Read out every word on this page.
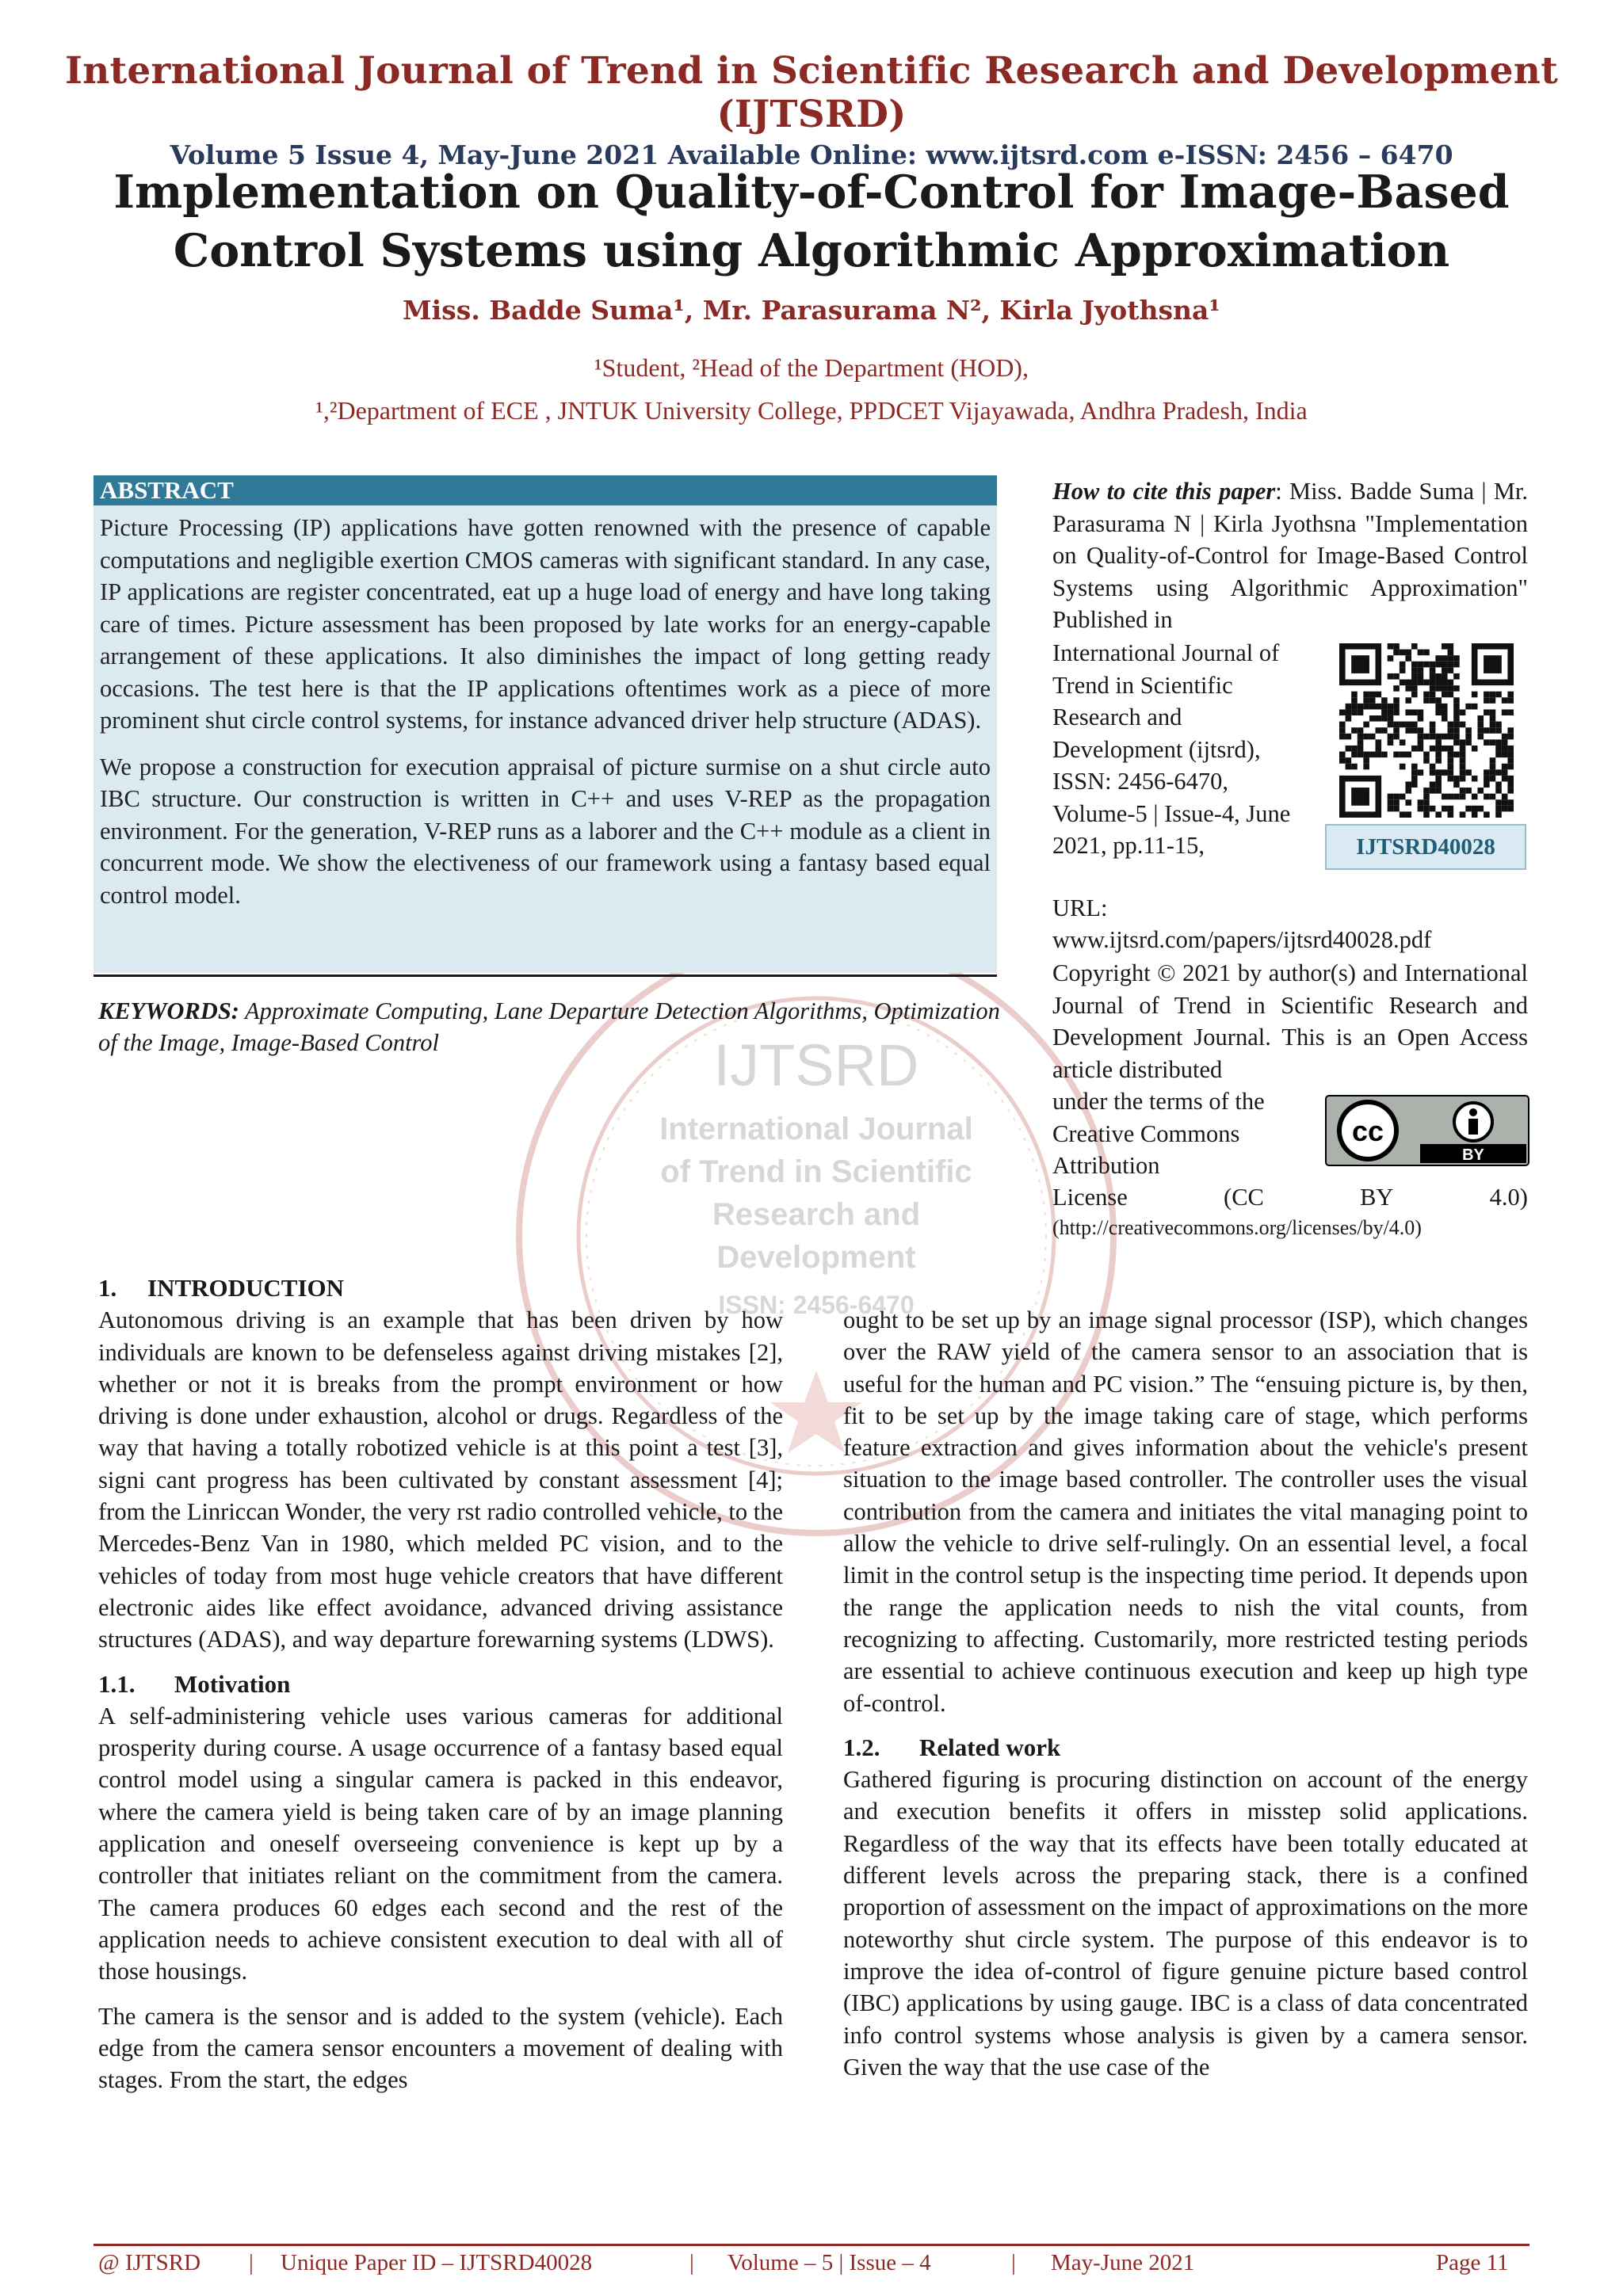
International Journal of Trend in Scientific Research and Development (IJTSRD)
Volume 5 Issue 4, May-June 2021 Available Online: www.ijtsrd.com e-ISSN: 2456 – 6470
Implementation on Quality-of-Control for Image-Based
Control Systems using Algorithmic Approximation
Miss. Badde Suma¹, Mr. Parasurama N², Kirla Jyothsna¹
¹Student, ²Head of the Department (HOD),
¹,²Department of ECE , JNTUK University College, PPDCET Vijayawada, Andhra Pradesh, India
IJTSRD
International Journal
of Trend in Scientific
Research and
Development
ISSN: 2456-6470
ABSTRACT

Picture Processing (IP) applications have gotten renowned with the presence of capable computations and negligible exertion CMOS cameras with significant standard. In any case, IP applications are register concentrated, eat up a huge load of energy and have long taking care of times. Picture assessment has been proposed by late works for an energy-capable arrangement of these applications. It also diminishes the impact of long getting ready occasions. The test here is that the IP applications oftentimes work as a piece of more prominent shut circle control systems, for instance advanced driver help structure (ADAS).

We propose a construction for execution appraisal of picture surmise on a shut circle auto IBC structure. Our construction is written in C++ and uses V-REP as the propagation environment. For the generation, V-REP runs as a laborer and the C++ module as a client in concurrent mode. We show the electiveness of our framework using a fantasy based equal control model.

KEYWORDS: Approximate Computing, Lane Departure Detection Algorithms, Optimization of the Image, Image-Based Control
How to cite this paper: Miss. Badde Suma | Mr. Parasurama N | Kirla Jyothsna "Implementation on Quality-of-Control for Image-Based Control Systems using Algorithmic Approximation" Published in
International Journal of Trend in Scientific Research and Development (ijtsrd), ISSN: 2456-6470, Volume-5 | Issue-4, June 2021, pp.11-15,
URL:
www.ijtsrd.com/papers/ijtsrd40028.pdf
IJTSRD40028
Copyright © 2021 by author(s) and International Journal of Trend in Scientific Research and Development Journal. This is an Open Access article distributed
under the terms of the Creative Commons Attribution
License	(CC	BY	4.0)
(http://creativecommons.org/licenses/by/4.0)
BY
cc
1. INTRODUCTION

Autonomous driving is an example that has been driven by how individuals are known to be defenseless against driving mistakes [2], whether or not it is breaks from the prompt environment or how driving is done under exhaustion, alcohol or drugs. Regardless of the way that having a totally robotized vehicle is at this point a test [3], signi cant progress has been cultivated by constant assessment [4]; from the Linriccan Wonder, the very rst radio controlled vehicle, to the Mercedes-Benz Van in 1980, which melded PC vision, and to the vehicles of today from most huge vehicle creators that have different electronic aides like effect avoidance, advanced driving assistance structures (ADAS), and way departure forewarning systems (LDWS).

1.1. Motivation

A self-administering vehicle uses various cameras for additional prosperity during course. A usage occurrence of a fantasy based equal control model using a singular camera is packed in this endeavor, where the camera yield is being taken care of by an image planning application and oneself overseeing convenience is kept up by a controller that initiates reliant on the commitment from the camera. The camera produces 60 edges each second and the rest of the application needs to achieve consistent execution to deal with all of those housings.

The camera is the sensor and is added to the system (vehicle). Each edge from the camera sensor encounters a movement of dealing with stages. From the start, the edges

ought to be set up by an image signal processor (ISP), which changes over the RAW yield of the camera sensor to an association that is useful for the human and PC vision.” The “ensuing picture is, by then, fit to be set up by the image taking care of stage, which performs feature extraction and gives information about the vehicle's present situation to the image based controller. The controller uses the visual contribution from the camera and initiates the vital managing point to allow the vehicle to drive self-rulingly. On an essential level, a focal limit in the control setup is the inspecting time period. It depends upon the range the application needs to nish the vital counts, from recognizing to affecting. Customarily, more restricted testing periods are essential to achieve continuous execution and keep up high type of-control.

1.2. Related work

Gathered figuring is procuring distinction on account of the energy and execution benefits it offers in misstep solid applications. Regardless of the way that its effects have been totally educated at different levels across the preparing stack, there is a confined proportion of assessment on the impact of approximations on the more noteworthy shut circle system. The purpose of this endeavor is to improve the idea of-control of figure genuine picture based control (IBC) applications by using gauge. IBC is a class of data concentrated info control systems whose analysis is given by a camera sensor. Given the way that the use case of the

@ IJTSRD | Unique Paper ID – IJTSRD40028	| Volume – 5 | Issue – 4	| May-June 2021	Page 11
